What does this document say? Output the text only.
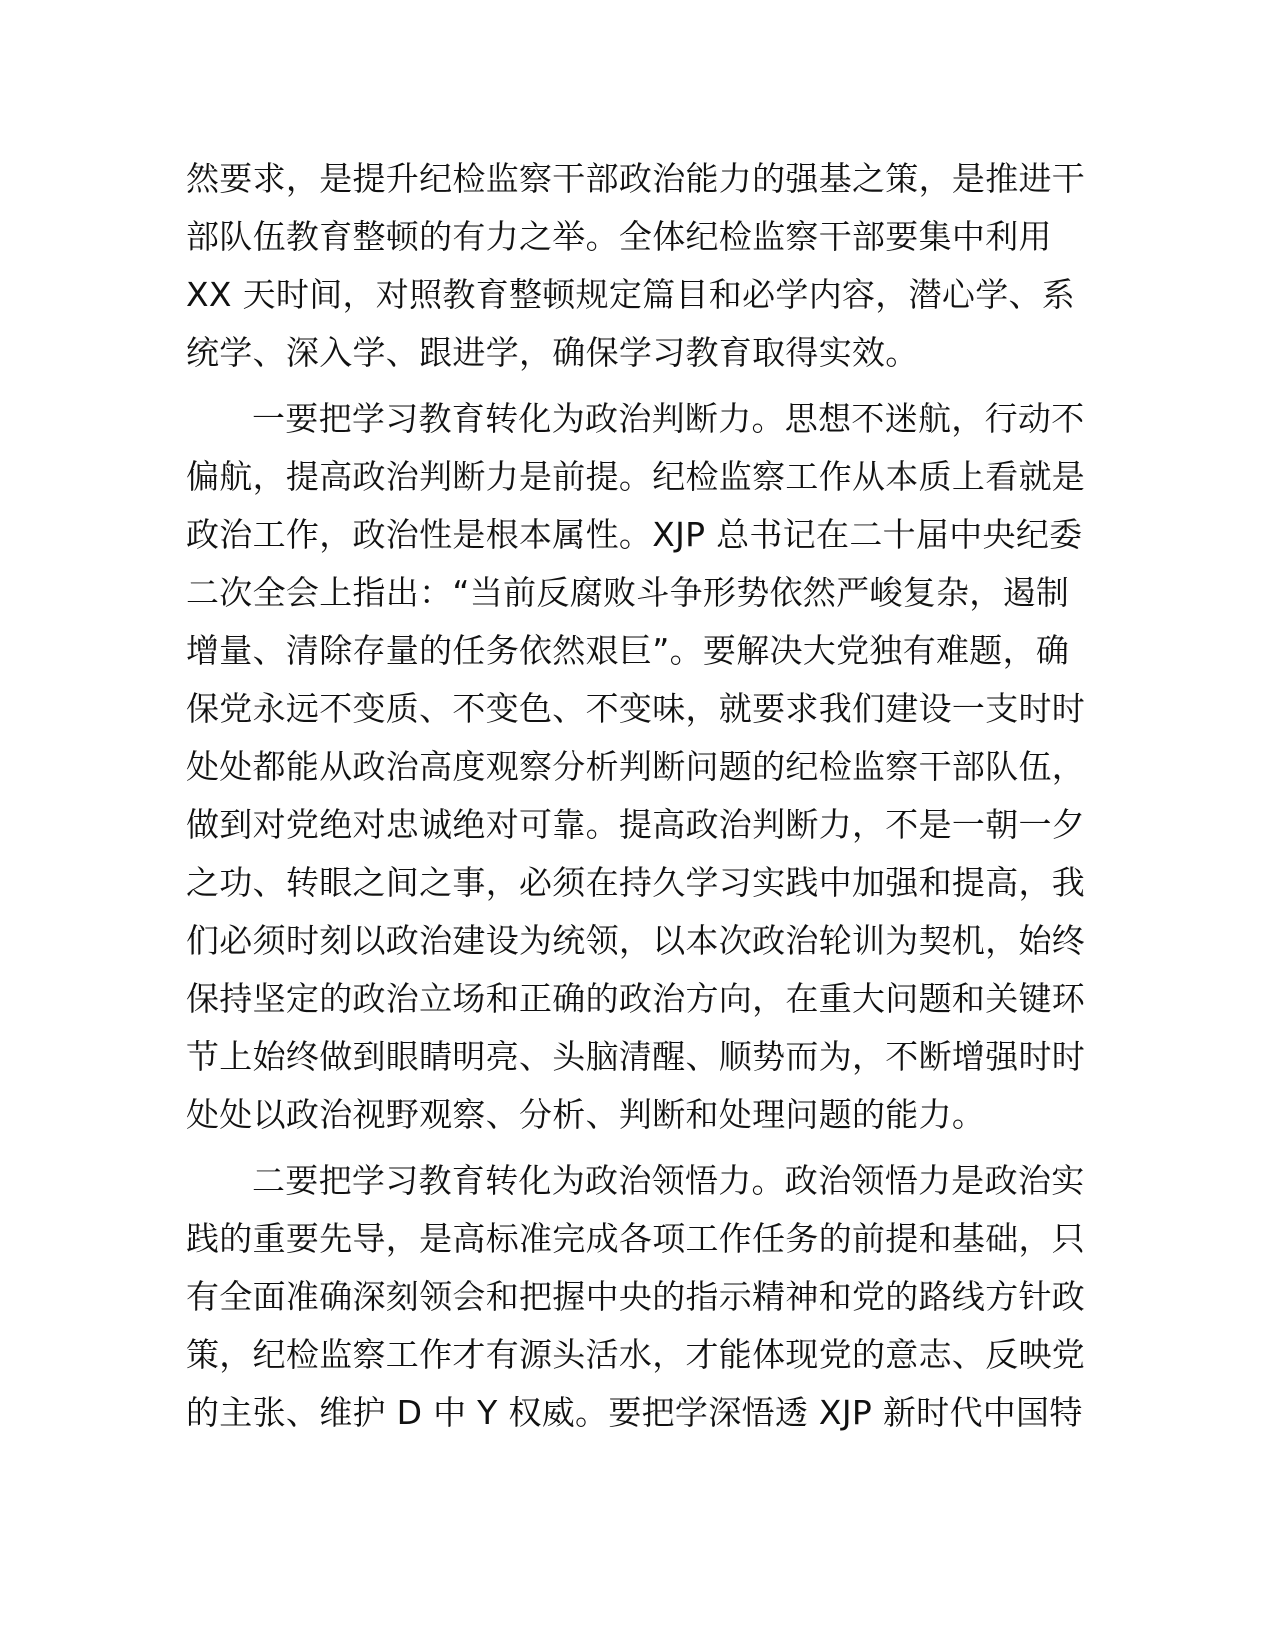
然要求，是提升纪检监察干部政治能力的强基之策，是推进干
部队伍教育整顿的有力之举。全体纪检监察干部要集中利用
XX 天时间，对照教育整顿规定篇目和必学内容，潜心学、系
统学、深入学、跟进学，确保学习教育取得实效。

一要把学习教育转化为政治判断力。思想不迷航，行动不
偏航，提高政治判断力是前提。纪检监察工作从本质上看就是
政治工作，政治性是根本属性。XJP 总书记在二十届中央纪委
二次全会上指出：“当前反腐败斗争形势依然严峻复杂，遏制
增量、清除存量的任务依然艰巨”。要解决大党独有难题，确
保党永远不变质、不变色、不变味，就要求我们建设一支时时
处处都能从政治高度观察分析判断问题的纪检监察干部队伍，
做到对党绝对忠诚绝对可靠。提高政治判断力，不是一朝一夕
之功、转眼之间之事，必须在持久学习实践中加强和提高，我
们必须时刻以政治建设为统领，以本次政治轮训为契机，始终
保持坚定的政治立场和正确的政治方向，在重大问题和关键环
节上始终做到眼睛明亮、头脑清醒、顺势而为，不断增强时时
处处以政治视野观察、分析、判断和处理问题的能力。

二要把学习教育转化为政治领悟力。政治领悟力是政治实
践的重要先导，是高标准完成各项工作任务的前提和基础，只
有全面准确深刻领会和把握中央的指示精神和党的路线方针政
策，纪检监察工作才有源头活水，才能体现党的意志、反映党
的主张、维护 D 中 Y 权威。要把学深悟透 XJP 新时代中国特
